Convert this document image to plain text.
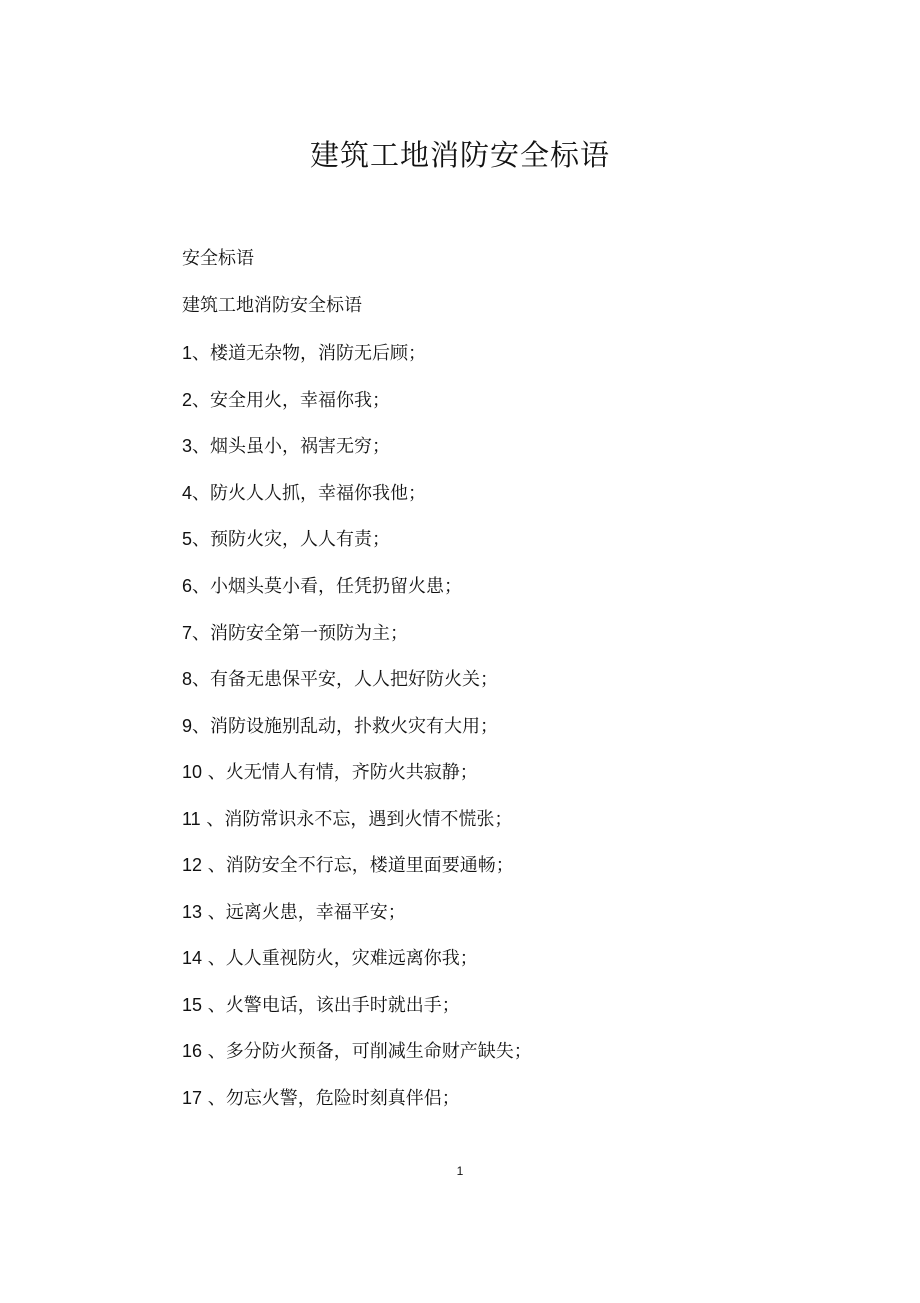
建筑工地消防安全标语
安全标语
建筑工地消防安全标语
1、楼道无杂物，消防无后顾；
2、安全用火，幸福你我；
3、烟头虽小，祸害无穷；
4、防火人人抓，幸福你我他；
5、预防火灾，人人有责；
6、小烟头莫小看，任凭扔留火患；
7、消防安全第一预防为主；
8、有备无患保平安，人人把好防火关；
9、消防设施别乱动，扑救火灾有大用；
10 、火无情人有情，齐防火共寂静；
11 、消防常识永不忘，遇到火情不慌张；
12 、消防安全不行忘，楼道里面要通畅；
13 、远离火患，幸福平安；
14 、人人重视防火，灾难远离你我；
15 、火警电话，该出手时就出手；
16 、多分防火预备，可削减生命财产缺失；
17 、勿忘火警，危险时刻真伴侣；
1
